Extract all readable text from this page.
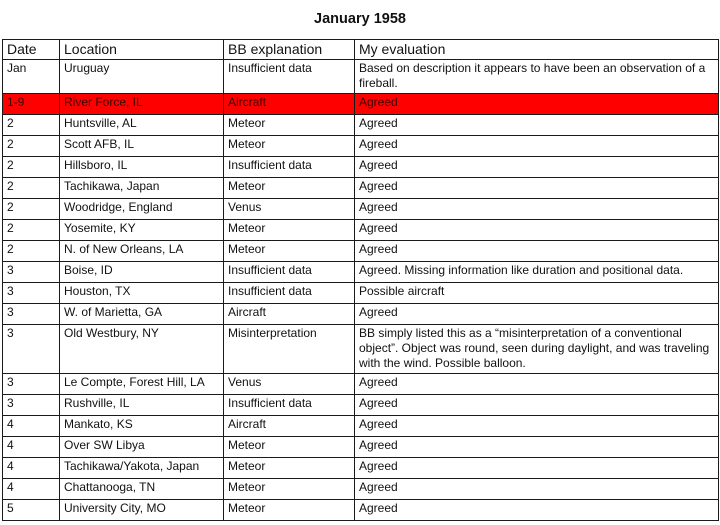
January 1958
Date	Location	BB explanation	My evaluation
Jan	Uruguay	Insufficient data	Based on description it appears to have been an observation of a fireball.
1-9	River Force, IL	Aircraft	Agreed
2	Huntsville, AL	Meteor	Agreed
2	Scott AFB, IL	Meteor	Agreed
2	Hillsboro, IL	Insufficient data	Agreed
2	Tachikawa, Japan	Meteor	Agreed
2	Woodridge, England	Venus	Agreed
2	Yosemite, KY	Meteor	Agreed
2	N. of New Orleans, LA	Meteor	Agreed
3	Boise, ID	Insufficient data	Agreed. Missing information like duration and positional data.
3	Houston, TX	Insufficient data	Possible aircraft
3	W. of Marietta, GA	Aircraft	Agreed
3	Old Westbury, NY	Misinterpretation	BB simply listed this as a “misinterpretation of a conventional object”. Object was round, seen during daylight, and was traveling with the wind. Possible balloon.
3	Le Compte, Forest Hill, LA	Venus	Agreed
3	Rushville, IL	Insufficient data	Agreed
4	Mankato, KS	Aircraft	Agreed
4	Over SW Libya	Meteor	Agreed
4	Tachikawa/Yakota, Japan	Meteor	Agreed
4	Chattanooga, TN	Meteor	Agreed
5	University City, MO	Meteor	Agreed
